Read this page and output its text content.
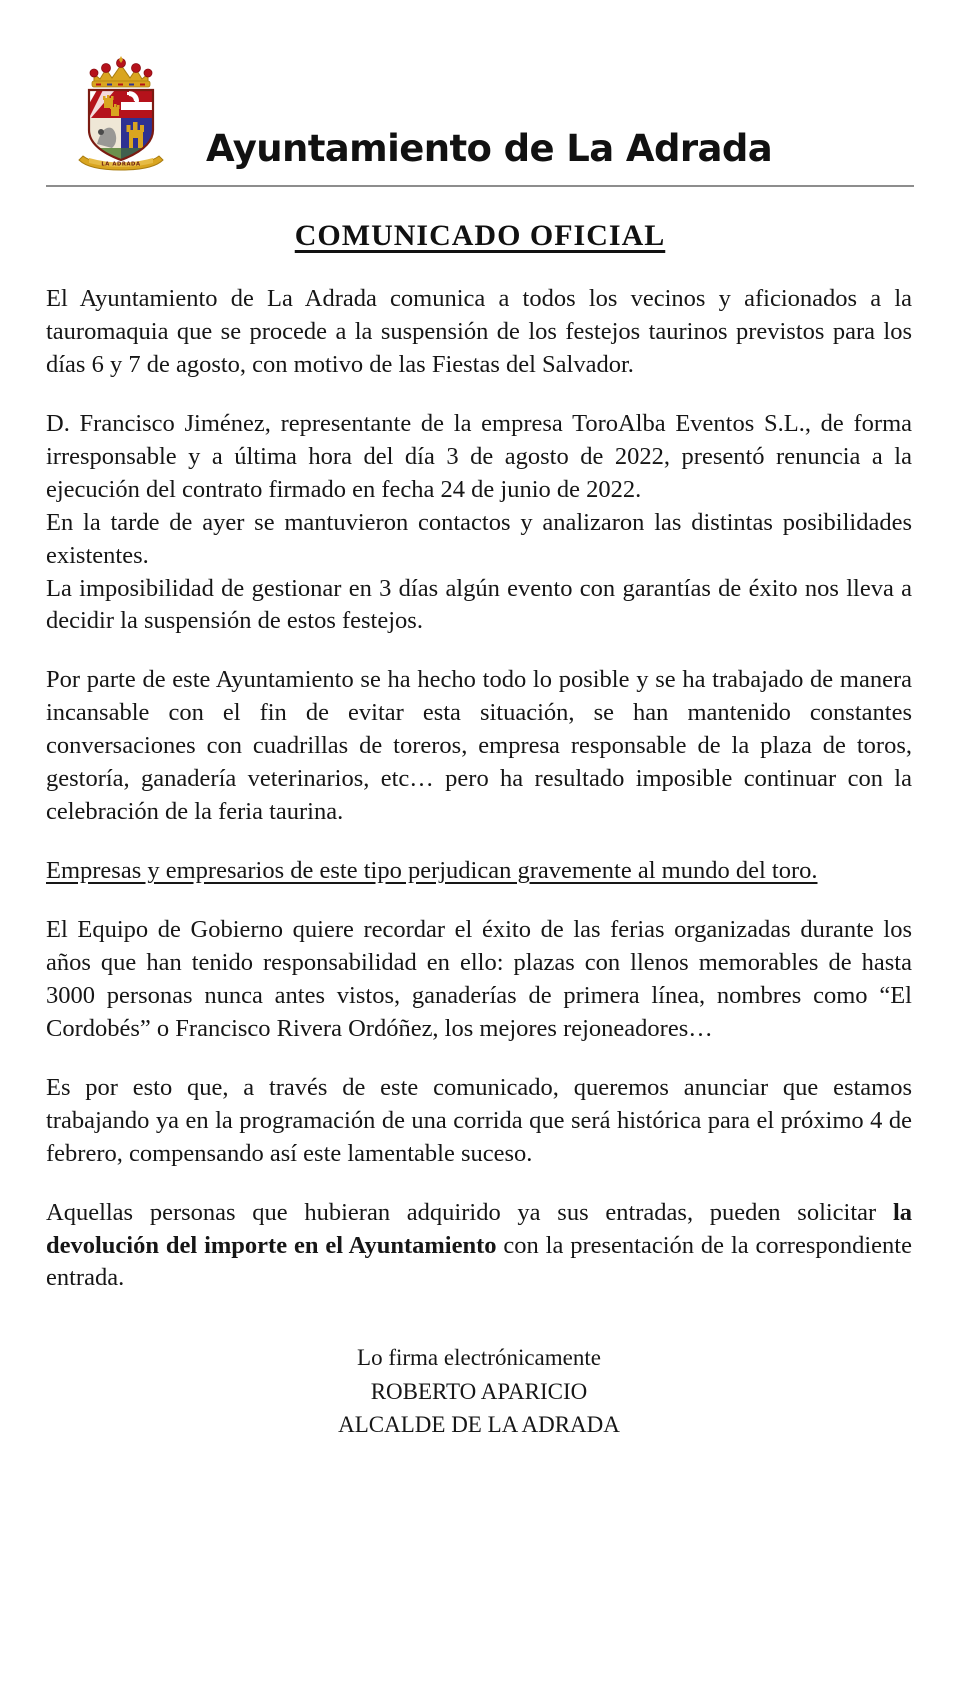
LA ADRADA Ayuntamiento de La Adrada
COMUNICADO OFICIAL

El Ayuntamiento de La Adrada comunica a todos los vecinos y aficionados a la tauromaquia que se procede a la suspensión de los festejos taurinos previstos para los días 6 y 7 de agosto, con motivo de las Fiestas del Salvador.

D. Francisco Jiménez, representante de la empresa ToroAlba Eventos S.L., de forma irresponsable y a última hora del día 3 de agosto de 2022, presentó renuncia a la ejecución del contrato firmado en fecha 24 de junio de 2022.

En la tarde de ayer se mantuvieron contactos y analizaron las distintas posibilidades existentes.

La imposibilidad de gestionar en 3 días algún evento con garantías de éxito nos lleva a decidir la suspensión de estos festejos.

Por parte de este Ayuntamiento se ha hecho todo lo posible y se ha trabajado de manera incansable con el fin de evitar esta situación, se han mantenido constantes conversaciones con cuadrillas de toreros, empresa responsable de la plaza de toros, gestoría, ganadería veterinarios, etc… pero ha resultado imposible continuar con la celebración de la feria taurina.

Empresas y empresarios de este tipo perjudican gravemente al mundo del toro.

El Equipo de Gobierno quiere recordar el éxito de las ferias organizadas durante los años que han tenido responsabilidad en ello: plazas con llenos memorables de hasta 3000 personas nunca antes vistos, ganaderías de primera línea, nombres como “El Cordobés” o Francisco Rivera Ordóñez, los mejores rejoneadores…

Es por esto que, a través de este comunicado, queremos anunciar que estamos trabajando ya en la programación de una corrida que será histórica para el próximo 4 de febrero, compensando así este lamentable suceso.

Aquellas personas que hubieran adquirido ya sus entradas, pueden solicitar la devolución del importe en el Ayuntamiento con la presentación de la correspondiente entrada.

Lo firma electrónicamente
ROBERTO APARICIO
ALCALDE DE LA ADRADA
